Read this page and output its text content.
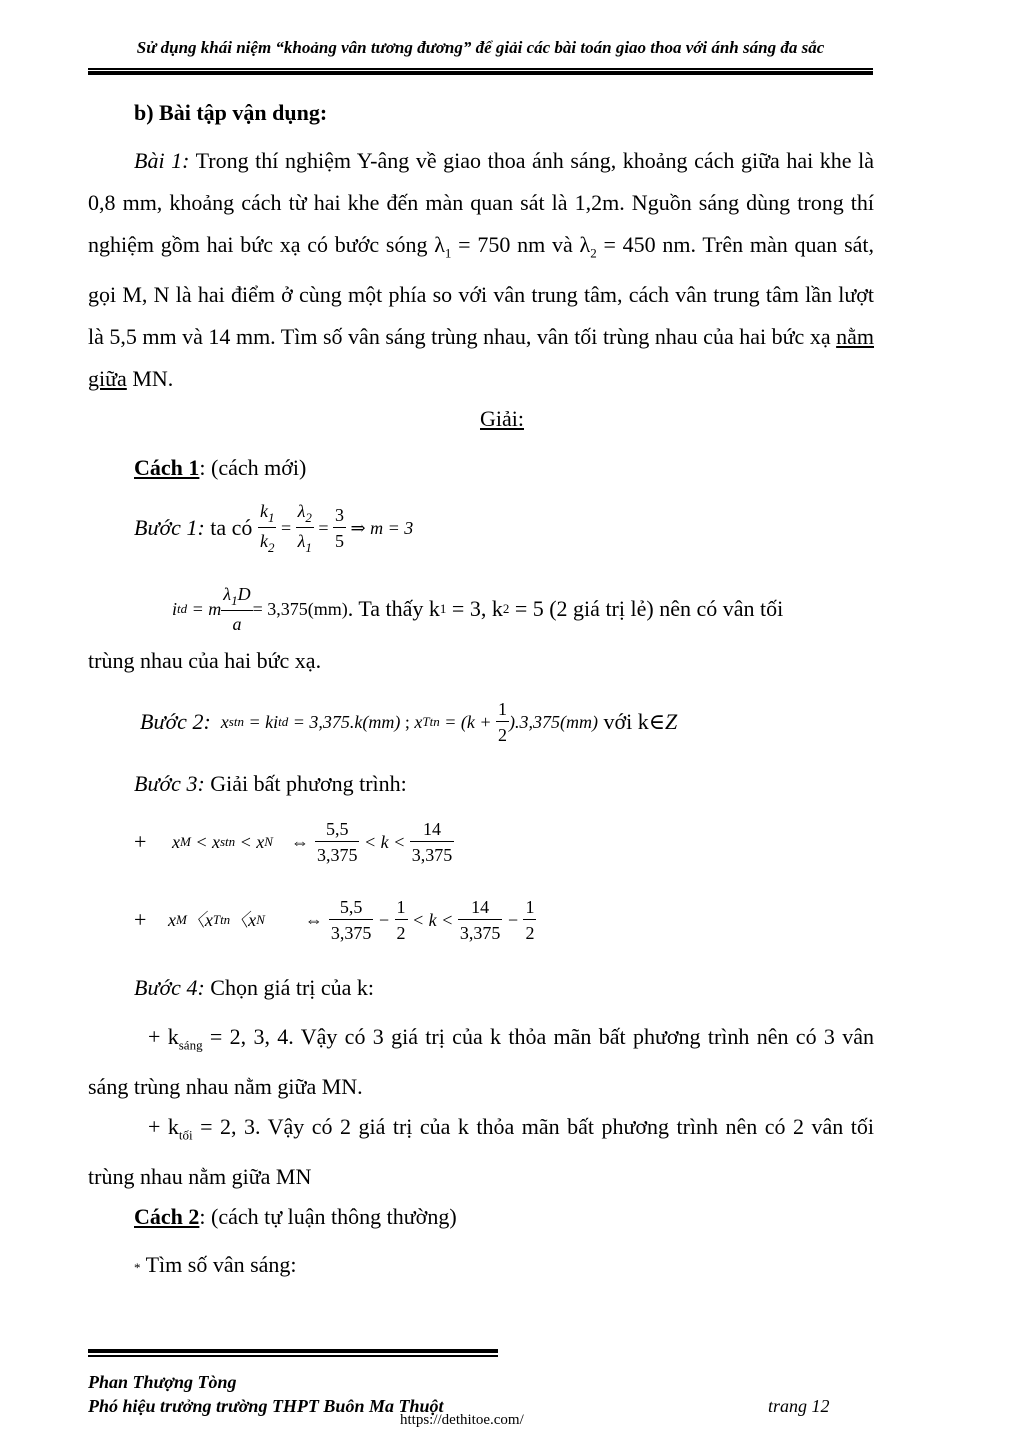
Sử dụng khái niệm “khoảng vân tương đương” để giải các bài toán giao thoa với ánh sáng đa sắc
b) Bài tập vận dụng:
Bài 1: Trong thí nghiệm Y-âng về giao thoa ánh sáng, khoảng cách giữa hai khe là 0,8 mm, khoảng cách từ hai khe đến màn quan sát là 1,2m. Nguồn sáng dùng trong thí nghiệm gồm hai bức xạ có bước sóng $\lambda_1 = 750$ nm và $\lambda_2 = 450$ nm. Trên màn quan sát, gọi M, N là hai điểm ở cùng một phía so với vân trung tâm, cách vân trung tâm lần lượt là 5,5 mm và 14 mm. Tìm số vân sáng trùng nhau, vân tối trùng nhau của hai bức xạ nằm giữa MN.
Giải:
Cách 1: (cách mới)
Bước 1: ta có $\frac{k_1}{k_2} = \frac{\lambda_2}{\lambda_1} = \frac{3}{5}$ ⇒ m = 3
i td
= m $\frac{\lambda_1D}{a} = 3,375(mm)$ . Ta thấy k 1 = 3, k 2 = 5 (2 giá trị lẻ) nên có vân tối
trùng nhau của hai bức xạ.
Bước 2: x stn = ki td = 3,375.k(mm) ; x Ttn = $(k + \frac{1}{2} ).3,375(mm)$ với k∈ Z
Bước 3: Giải bất phương trình:
+	x M < x stn < x N ⇔ $\frac{5,5}{3,375} < k < \frac{14}{3,375}$
+	x M 〈x Ttn 〈x N ⇔ $\frac{5,5}{3,375} - \frac{1}{2} < k < \frac{14}{3,375} - \frac{1}{2}$
Bước 4: Chọn giá trị của k:
+ $k_{sáng} = 2$, 3, 4. Vậy có 3 giá trị của k thỏa mãn bất phương trình nên có 3 vân sáng trùng nhau nằm giữa MN.
+ $k_{tối} = 2$, 3. Vậy có 2 giá trị của k thỏa mãn bất phương trình nên có 2 vân tối trùng nhau nằm giữa MN
Cách 2: (cách tự luận thông thường)
* Tìm số vân sáng:
Phan Thượng Tòng
Phó hiệu trưởng trường THPT Buôn Ma Thuột	trang 12
https://dethitoe.com/
